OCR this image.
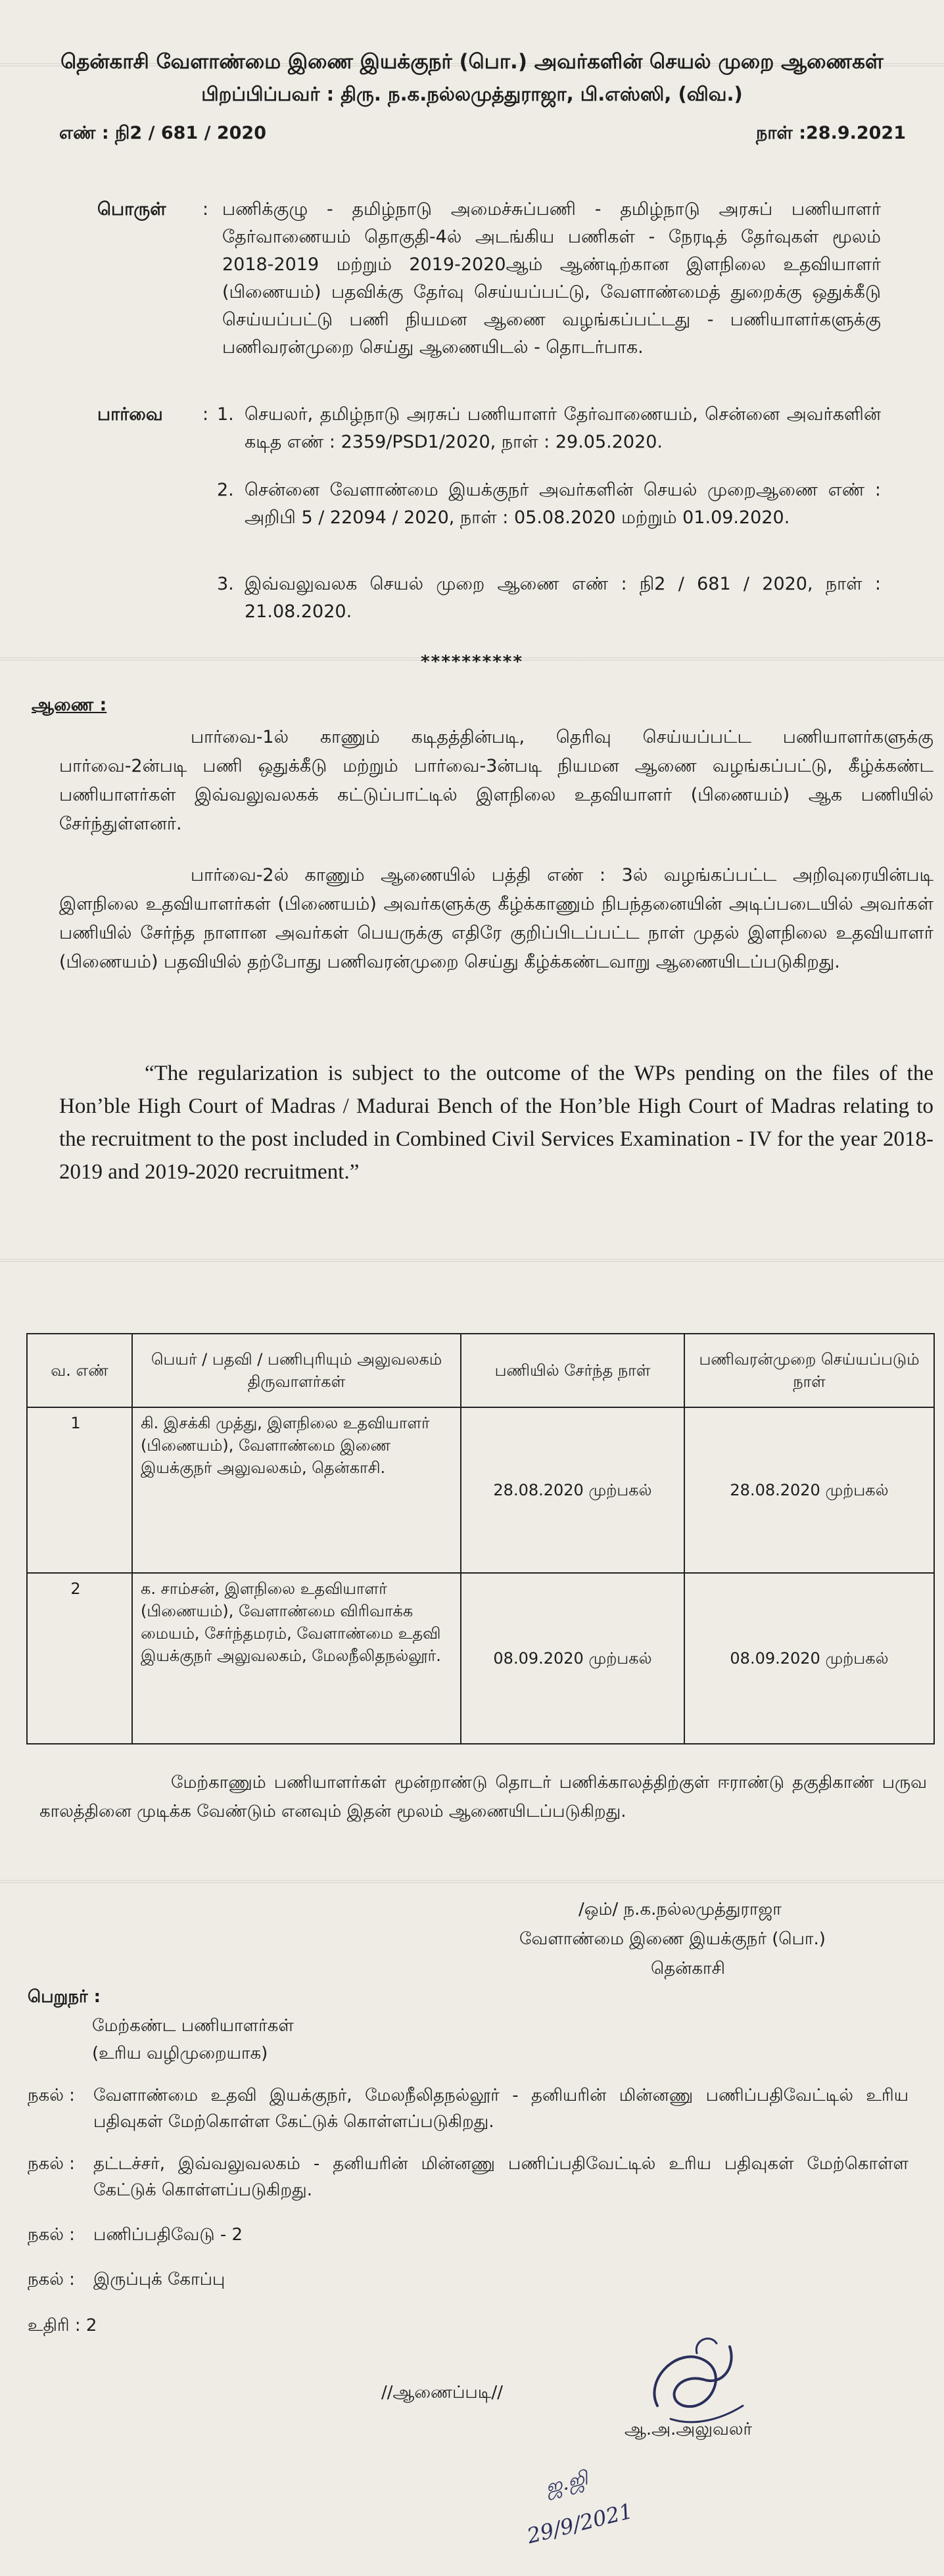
தென்காசி வேளாண்மை இணை இயக்குநர் (பொ.) அவர்களின் செயல் முறை ஆணைகள்
பிறப்பிப்பவர் : திரு. ந.க.நல்லமுத்துராஜா, பி.எஸ்ஸி, (விவ.)
எண் : நி2 / 681 / 2020	நாள் :28.9.2021
பொருள் : பணிக்குழு - தமிழ்நாடு அமைச்சுப்பணி - தமிழ்நாடு அரசுப் பணியாளர் தேர்வாணையம் தொகுதி-4ல் அடங்கிய பணிகள் - நேரடித் தேர்வுகள் மூலம் 2018-2019 மற்றும் 2019-2020ஆம் ஆண்டிற்கான இளநிலை உதவியாளர் (பிணையம்) பதவிக்கு தேர்வு செய்யப்பட்டு, வேளாண்மைத் துறைக்கு ஒதுக்கீடு செய்யப்பட்டு பணி நியமன ஆணை வழங்கப்பட்டது - பணியாளர்களுக்கு பணிவரன்முறை செய்து ஆணையிடல் - தொடர்பாக.
பார்வை : 1. செயலர், தமிழ்நாடு அரசுப் பணியாளர் தேர்வாணையம், சென்னை அவர்களின் கடித எண் : 2359/PSD1/2020, நாள் : 29.05.2020.
2. சென்னை வேளாண்மை இயக்குநர் அவர்களின் செயல் முறைஆணை எண் : அறிபி 5 / 22094 / 2020, நாள் : 05.08.2020 மற்றும் 01.09.2020.
3. இவ்வலுவலக செயல் முறை ஆணை எண் : நி2 / 681 / 2020, நாள் : 21.08.2020.
**********
ஆணை :
பார்வை-1ல் காணும் கடிதத்தின்படி, தெரிவு செய்யப்பட்ட பணியாளர்களுக்கு பார்வை-2ன்படி பணி ஒதுக்கீடு மற்றும் பார்வை-3ன்படி நியமன ஆணை வழங்கப்பட்டு, கீழ்க்கண்ட பணியாளர்கள் இவ்வலுவலகக் கட்டுப்பாட்டில் இளநிலை உதவியாளர் (பிணையம்) ஆக பணியில் சேர்ந்துள்ளனர்.
பார்வை-2ல் காணும் ஆணையில் பத்தி எண் : 3ல் வழங்கப்பட்ட அறிவுரையின்படி இளநிலை உதவியாளர்கள் (பிணையம்) அவர்களுக்கு கீழ்க்காணும் நிபந்தனையின் அடிப்படையில் அவர்கள் பணியில் சேர்ந்த நாளான அவர்கள் பெயருக்கு எதிரே குறிப்பிடப்பட்ட நாள் முதல் இளநிலை உதவியாளர் (பிணையம்) பதவியில் தற்போது பணிவரன்முறை செய்து கீழ்க்கண்டவாறு ஆணையிடப்படுகிறது.
“The regularization is subject to the outcome of the WPs pending on the files of the Hon’ble High Court of Madras / Madurai Bench of the Hon’ble High Court of Madras relating to the recruitment to the post included in Combined Civil Services Examination - IV for the year 2018-2019 and 2019-2020 recruitment.”
வ. எண்	பெயர் / பதவி / பணிபுரியும் அலுவலகம் திருவாளர்கள்	பணியில் சேர்ந்த நாள்	பணிவரன்முறை செய்யப்படும் நாள்
1	கி. இசக்கி முத்து, இளநிலை உதவியாளர் (பிணையம்), வேளாண்மை இணை இயக்குநர் அலுவலகம், தென்காசி.	28.08.2020 முற்பகல்	28.08.2020 முற்பகல்
2	க. சாம்சன், இளநிலை உதவியாளர் (பிணையம்), வேளாண்மை விரிவாக்க மையம், சேர்ந்தமரம், வேளாண்மை உதவி இயக்குநர் அலுவலகம், மேலநீலிதநல்லூர்.	08.09.2020 முற்பகல்	08.09.2020 முற்பகல்
மேற்காணும் பணியாளர்கள் மூன்றாண்டு தொடர் பணிக்காலத்திற்குள் ஈராண்டு தகுதிகாண் பருவ காலத்தினை முடிக்க வேண்டும் எனவும் இதன் மூலம் ஆணையிடப்படுகிறது.
/ஒம்/ ந.க.நல்லமுத்துராஜா
வேளாண்மை இணை இயக்குநர் (பொ.)
தென்காசி
பெறுநர் :
மேற்கண்ட பணியாளர்கள்
(உரிய வழிமுறையாக)
நகல் : வேளாண்மை உதவி இயக்குநர், மேலநீலிதநல்லூர் - தனியரின் மின்னணு பணிப்பதிவேட்டில் உரிய பதிவுகள் மேற்கொள்ள கேட்டுக் கொள்ளப்படுகிறது.
நகல் : தட்டச்சர், இவ்வலுவலகம் - தனியரின் மின்னணு பணிப்பதிவேட்டில் உரிய பதிவுகள் மேற்கொள்ள கேட்டுக் கொள்ளப்படுகிறது.
நகல் : பணிப்பதிவேடு - 2
நகல் : இருப்புக் கோப்பு
உதிரி : 2
//ஆணைப்படி//
ஆ.அ.அலுவலர்
ஜ.ஜி
29/9/2021
